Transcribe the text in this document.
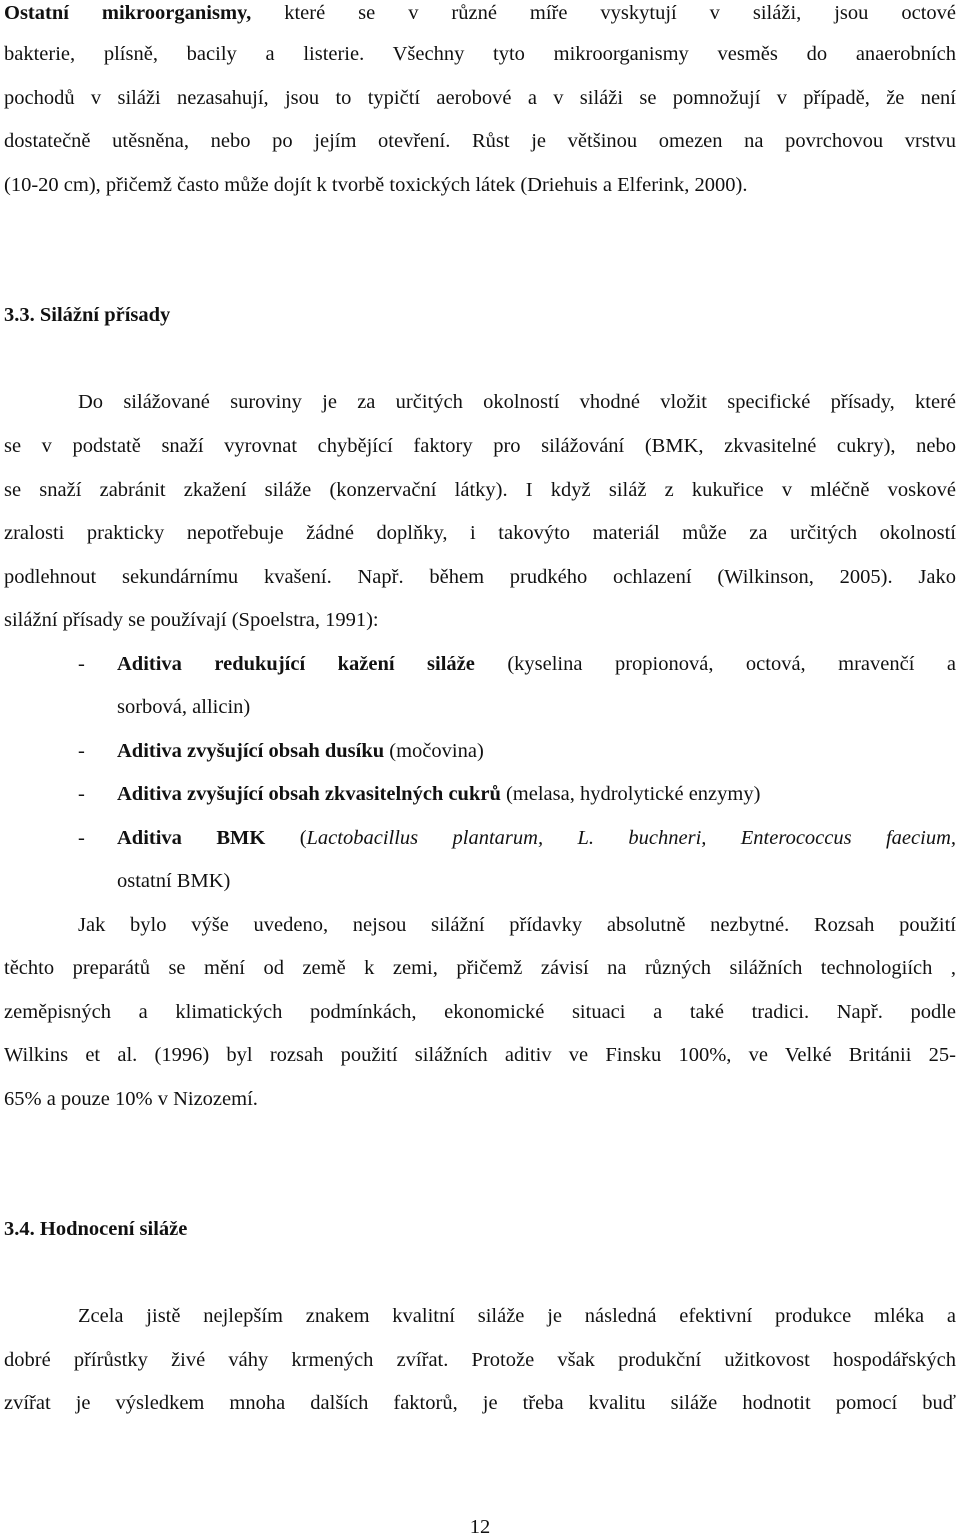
Ostatní mikroorganismy, které se v různé míře vyskytují v siláži, jsou octové
bakterie, plísně, bacily a listerie. Všechny tyto mikroorganismy vesměs do anaerobních
pochodů v siláži nezasahují, jsou to typičtí aerobové a v siláži se pomnožují v případě, že není
dostatečně utěsněna, nebo po jejím otevření. Růst je většinou omezen na povrchovou vrstvu
(10-20 cm), přičemž často může dojít k tvorbě toxických látek (Driehuis a Elferink, 2000).
3.3. Silážní přísady
Do silážované suroviny je za určitých okolností vhodné vložit specifické přísady, které
se v podstatě snaží vyrovnat chybějící faktory pro silážování (BMK, zkvasitelné cukry), nebo
se snaží zabránit zkažení siláže (konzervační látky). I když siláž z kukuřice v mléčně voskové
zralosti prakticky nepotřebuje žádné doplňky, i takovýto materiál může za určitých okolností
podlehnout sekundárnímu kvašení. Např. během prudkého ochlazení (Wilkinson, 2005). Jako
silážní přísady se používají (Spoelstra, 1991):
- Aditiva redukující kažení siláže (kyselina propionová, octová, mravenčí a
sorbová, allicin)
- Aditiva zvyšující obsah dusíku (močovina)
- Aditiva zvyšující obsah zkvasitelných cukrů (melasa, hydrolytické enzymy)
- Aditiva BMK (Lactobacillus plantarum, L. buchneri, Enterococcus faecium,
ostatní BMK)
Jak bylo výše uvedeno, nejsou silážní přídavky absolutně nezbytné. Rozsah použití
těchto preparátů se mění od země k zemi, přičemž závisí na různých silážních technologiích ,
zeměpisných a klimatických podmínkách, ekonomické situaci a také tradici. Např. podle
Wilkins et al. (1996) byl rozsah použití silážních aditiv ve Finsku 100%, ve Velké Británii 25-
65% a pouze 10% v Nizozemí.
3.4. Hodnocení siláže
Zcela jistě nejlepším znakem kvalitní siláže je následná efektivní produkce mléka a
dobré přírůstky živé váhy krmených zvířat. Protože však produkční užitkovost hospodářských
zvířat je výsledkem mnoha dalších faktorů, je třeba kvalitu siláže hodnotit pomocí buď
12
